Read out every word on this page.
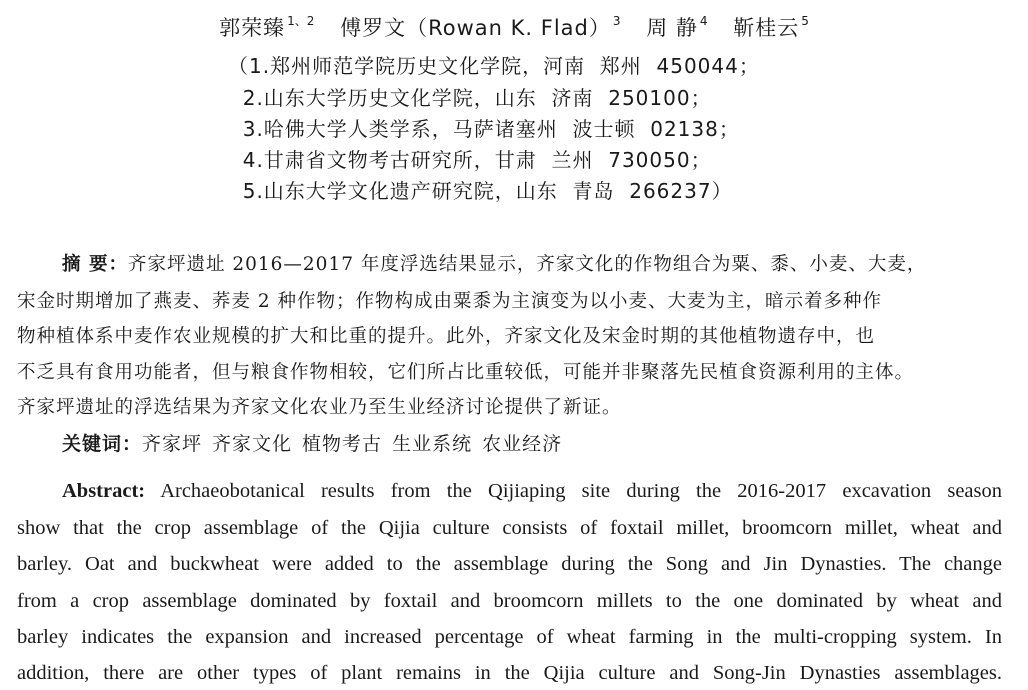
郭荣臻 $^{1、2}$ 傅罗文（Rowan K. Flad） $^3$ 周 静 $^4$ 靳桂云 $^5$
（1.郑州师范学院历史文化学院，河南  郑州  450044；
2.山东大学历史文化学院，山东  济南  250100；
3.哈佛大学人类学系，马萨诸塞州  波士顿  02138；
4.甘肃省文物考古研究所，甘肃  兰州  730050；
5.山东大学文化遗产研究院，山东  青岛  266237）
摘 要：齐家坪遗址 2016—2017 年度浮选结果显示，齐家文化的作物组合为粟、黍、小麦、大麦，
宋金时期增加了燕麦、荞麦 2 种作物；作物构成由粟黍为主演变为以小麦、大麦为主，暗示着多种作
物种植体系中麦作农业规模的扩大和比重的提升。此外，齐家文化及宋金时期的其他植物遗存中，也
不乏具有食用功能者，但与粮食作物相较，它们所占比重较低，可能并非聚落先民植食资源利用的主体。
齐家坪遗址的浮选结果为齐家文化农业乃至生业经济讨论提供了新证。
关键词：齐家坪 齐家文化 植物考古 生业系统 农业经济
Abstract: Archaeobotanical results from the Qijiaping site during the 2016-2017 excavation season
show that the crop assemblage of the Qijia culture consists of foxtail millet, broomcorn millet, wheat and
barley. Oat and buckwheat were added to the assemblage during the Song and Jin Dynasties. The change
from a crop assemblage dominated by foxtail and broomcorn millets to the one dominated by wheat and
barley indicates the expansion and increased percentage of wheat farming in the multi-cropping system. In
addition, there are other types of plant remains in the Qijia culture and Song-Jin Dynasties assemblages.
